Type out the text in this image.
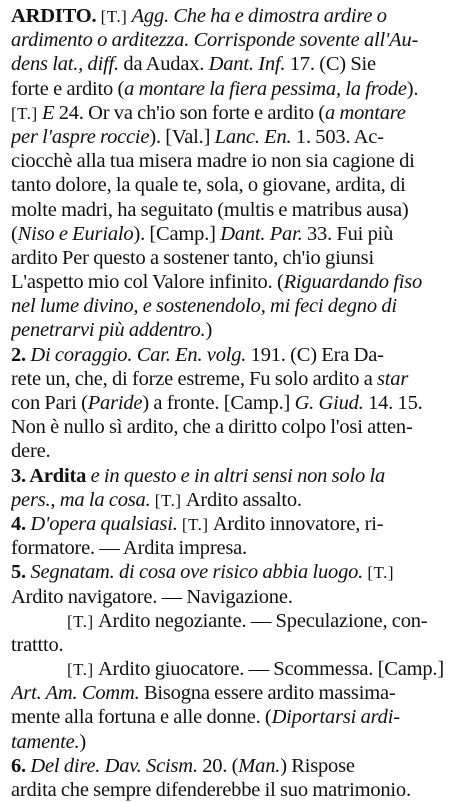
ARDITO. [T.] Agg. Che ha e dimostra ardire o
ardimento o arditezza. Corrisponde sovente all'Au-
dens lat., diff. da Audax. Dant. Inf. 17. (C) Sie
forte e ardito (a montare la fiera pessima, la frode).
[T.] E 24. Or va ch'io son forte e ardito (a montare
per l'aspre roccie). [Val.] Lanc. En. 1. 503. Ac-
ciocchè alla tua misera madre io non sia cagione di
tanto dolore, la quale te, sola, o giovane, ardita, di
molte madri, ha seguitato (multis e matribus ausa)
(Niso e Eurialo). [Camp.] Dant. Par. 33. Fui più
ardito Per questo a sostener tanto, ch'io giunsi
L'aspetto mio col Valore infinito. (Riguardando fiso
nel lume divino, e sostenendolo, mi feci degno di
penetrarvi più addentro.)
2. Di coraggio. Car. En. volg. 191. (C) Era Da-
rete un, che, di forze estreme, Fu solo ardito a star
con Pari (Paride) a fronte. [Camp.] G. Giud. 14. 15.
Non è nullo sì ardito, che a diritto colpo l'osi atten-
dere.
3. Ardita e in questo e in altri sensi non solo la
pers., ma la cosa. [T.] Ardito assalto.
4. D'opera qualsiasi. [T.] Ardito innovatore, ri-
formatore. — Ardita impresa.
5. Segnatam. di cosa ove risico abbia luogo. [T.]
Ardito navigatore. — Navigazione.
[T.] Ardito negoziante. — Speculazione, con-
trattto.
[T.] Ardito giuocatore. — Scommessa. [Camp.]
Art. Am. Comm. Bisogna essere ardito massima-
mente alla fortuna e alle donne. (Diportarsi ardi-
tamente.)
6. Del dire. Dav. Scism. 20. (Man.) Rispose
ardita che sempre difenderebbe il suo matrimonio.
